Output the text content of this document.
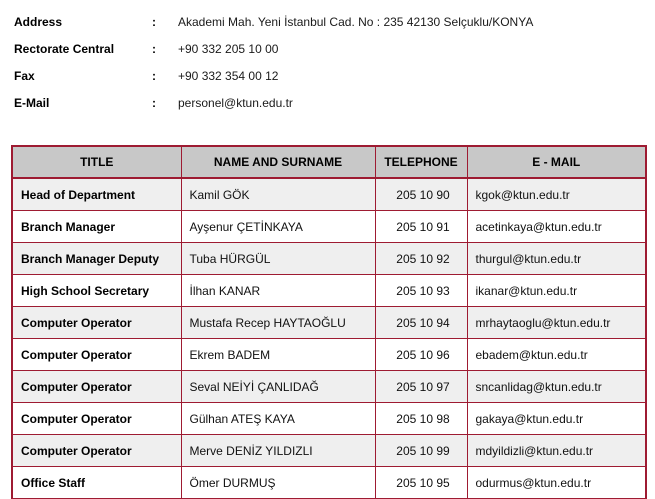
Address	:	Akademi Mah. Yeni İstanbul Cad. No : 235 42130 Selçuklu/KONYA
Rectorate Central	:	+90 332 205 10 00
Fax	:	+90 332 354 00 12
E-Mail	:	personel@ktun.edu.tr
TITLE	NAME AND SURNAME	TELEPHONE	E - MAIL
Head of Department	Kamil GÖK	205 10 90	kgok@ktun.edu.tr
Branch Manager	Ayşenur ÇETİNKAYA	205 10 91	acetinkaya@ktun.edu.tr
Branch Manager Deputy	Tuba HÜRGÜL	205 10 92	thurgul@ktun.edu.tr
High School Secretary	İlhan KANAR	205 10 93	ikanar@ktun.edu.tr
Computer Operator	Mustafa Recep HAYTAOĞLU	205 10 94	mrhaytaoglu@ktun.edu.tr
Computer Operator	Ekrem BADEM	205 10 96	ebadem@ktun.edu.tr
Computer Operator	Seval NEİYİ ÇANLIDAĞ	205 10 97	sncanlidag@ktun.edu.tr
Computer Operator	Gülhan ATEŞ KAYA	205 10 98	gakaya@ktun.edu.tr
Computer Operator	Merve DENİZ YILDIZLI	205 10 99	mdyildizli@ktun.edu.tr
Office Staff	Ömer DURMUŞ	205 10 95	odurmus@ktun.edu.tr
